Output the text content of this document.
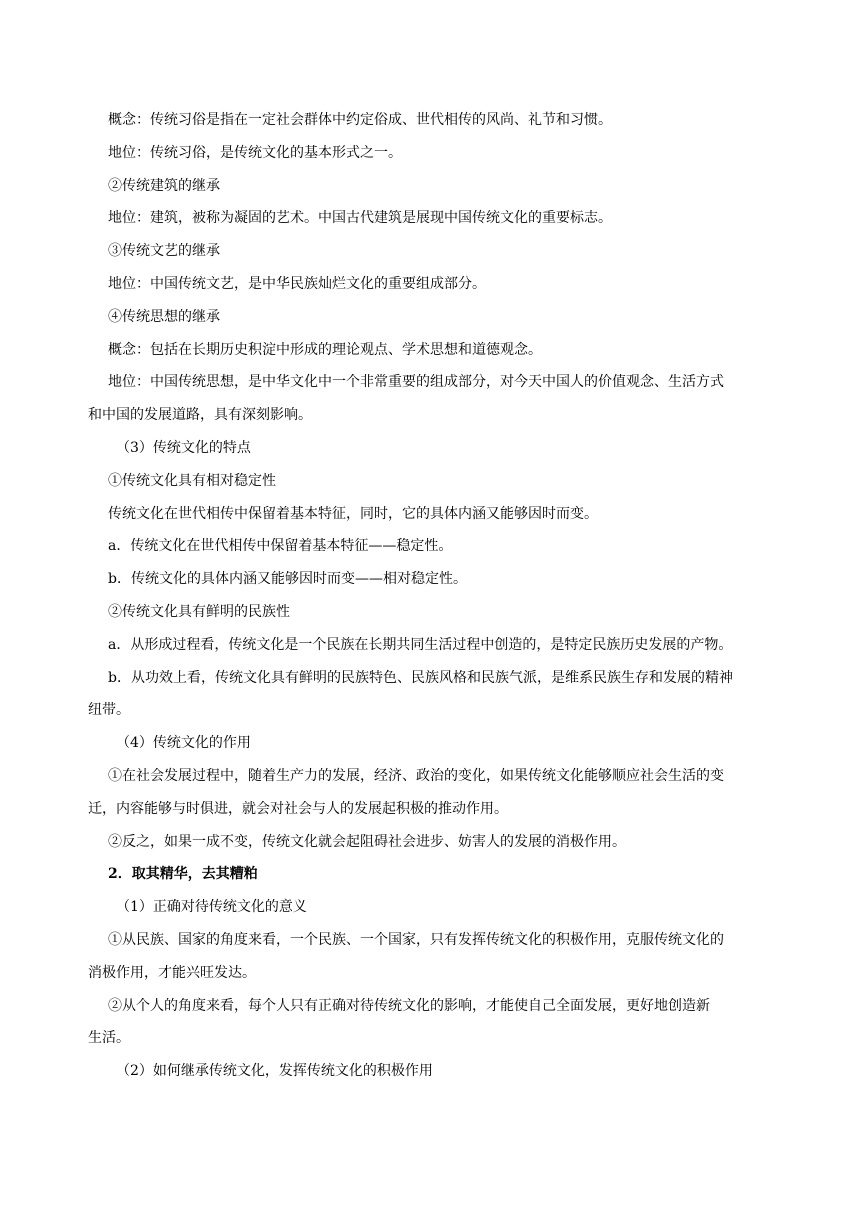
概念：传统习俗是指在一定社会群体中约定俗成、世代相传的风尚、礼节和习惯。
地位：传统习俗，是传统文化的基本形式之一。
②传统建筑的继承
地位：建筑，被称为凝固的艺术。中国古代建筑是展现中国传统文化的重要标志。
③传统文艺的继承
地位：中国传统文艺，是中华民族灿烂文化的重要组成部分。
④传统思想的继承
概念：包括在长期历史积淀中形成的理论观点、学术思想和道德观念。
地位：中国传统思想，是中华文化中一个非常重要的组成部分，对今天中国人的价值观念、生活方式
和中国的发展道路，具有深刻影响。
（3）传统文化的特点
①传统文化具有相对稳定性
传统文化在世代相传中保留着基本特征，同时，它的具体内涵又能够因时而变。
a．传统文化在世代相传中保留着基本特征——稳定性。
b．传统文化的具体内涵又能够因时而变——相对稳定性。
②传统文化具有鲜明的民族性
a．从形成过程看，传统文化是一个民族在长期共同生活过程中创造的，是特定民族历史发展的产物。
b．从功效上看，传统文化具有鲜明的民族特色、民族风格和民族气派，是维系民族生存和发展的精神
纽带。
（4）传统文化的作用
①在社会发展过程中，随着生产力的发展，经济、政治的变化，如果传统文化能够顺应社会生活的变
迁，内容能够与时俱进，就会对社会与人的发展起积极的推动作用。
②反之，如果一成不变，传统文化就会起阻碍社会进步、妨害人的发展的消极作用。
2．取其精华，去其糟粕
（1）正确对待传统文化的意义
①从民族、国家的角度来看，一个民族、一个国家，只有发挥传统文化的积极作用，克服传统文化的
消极作用，才能兴旺发达。
②从个人的角度来看，每个人只有正确对待传统文化的影响，才能使自己全面发展，更好地创造新
生活。
（2）如何继承传统文化，发挥传统文化的积极作用
